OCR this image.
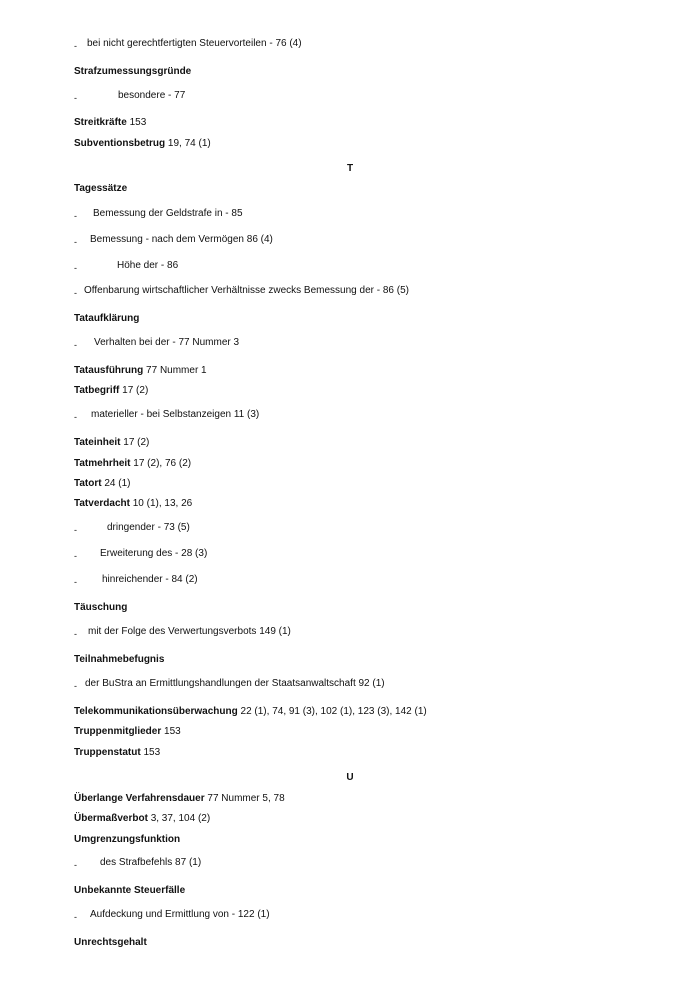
- bei nicht gerechtfertigten Steuervorteilen - 76 (4)
Strafzumessungsgründe
-	besondere - 77
Streitkräfte 153
Subventionsbetrug 19, 74 (1)
T
Tagessätze
- Bemessung der Geldstrafe in - 85
- Bemessung - nach dem Vermögen 86 (4)
-	Höhe der - 86
- Offenbarung wirtschaftlicher Verhältnisse zwecks Bemessung der - 86 (5)
Tataufklärung
- Verhalten bei der - 77 Nummer 3
Tatausführung 77 Nummer 1
Tatbegriff 17 (2)
- materieller - bei Selbstanzeigen 11 (3)
Tateinheit 17 (2)
Tatmehrheit 17 (2), 76 (2)
Tatort 24 (1)
Tatverdacht 10 (1), 13, 26
-	dringender - 73 (5)
- Erweiterung des - 28 (3)
-	hinreichender - 84 (2)
Täuschung
- mit der Folge des Verwertungsverbots 149 (1)
Teilnahmebefugnis
- der BuStra an Ermittlungshandlungen der Staatsanwaltschaft 92 (1)
Telekommunikationsüberwachung 22 (1), 74, 91 (3), 102 (1), 123 (3), 142 (1)
Truppenmitglieder 153
Truppenstatut 153
U
Überlange Verfahrensdauer 77 Nummer 5, 78
Übermaßverbot 3, 37, 104 (2)
Umgrenzungsfunktion
- des Strafbefehls 87 (1)
Unbekannte Steuerfälle
- Aufdeckung und Ermittlung von - 122 (1)
Unrechtsgehalt
